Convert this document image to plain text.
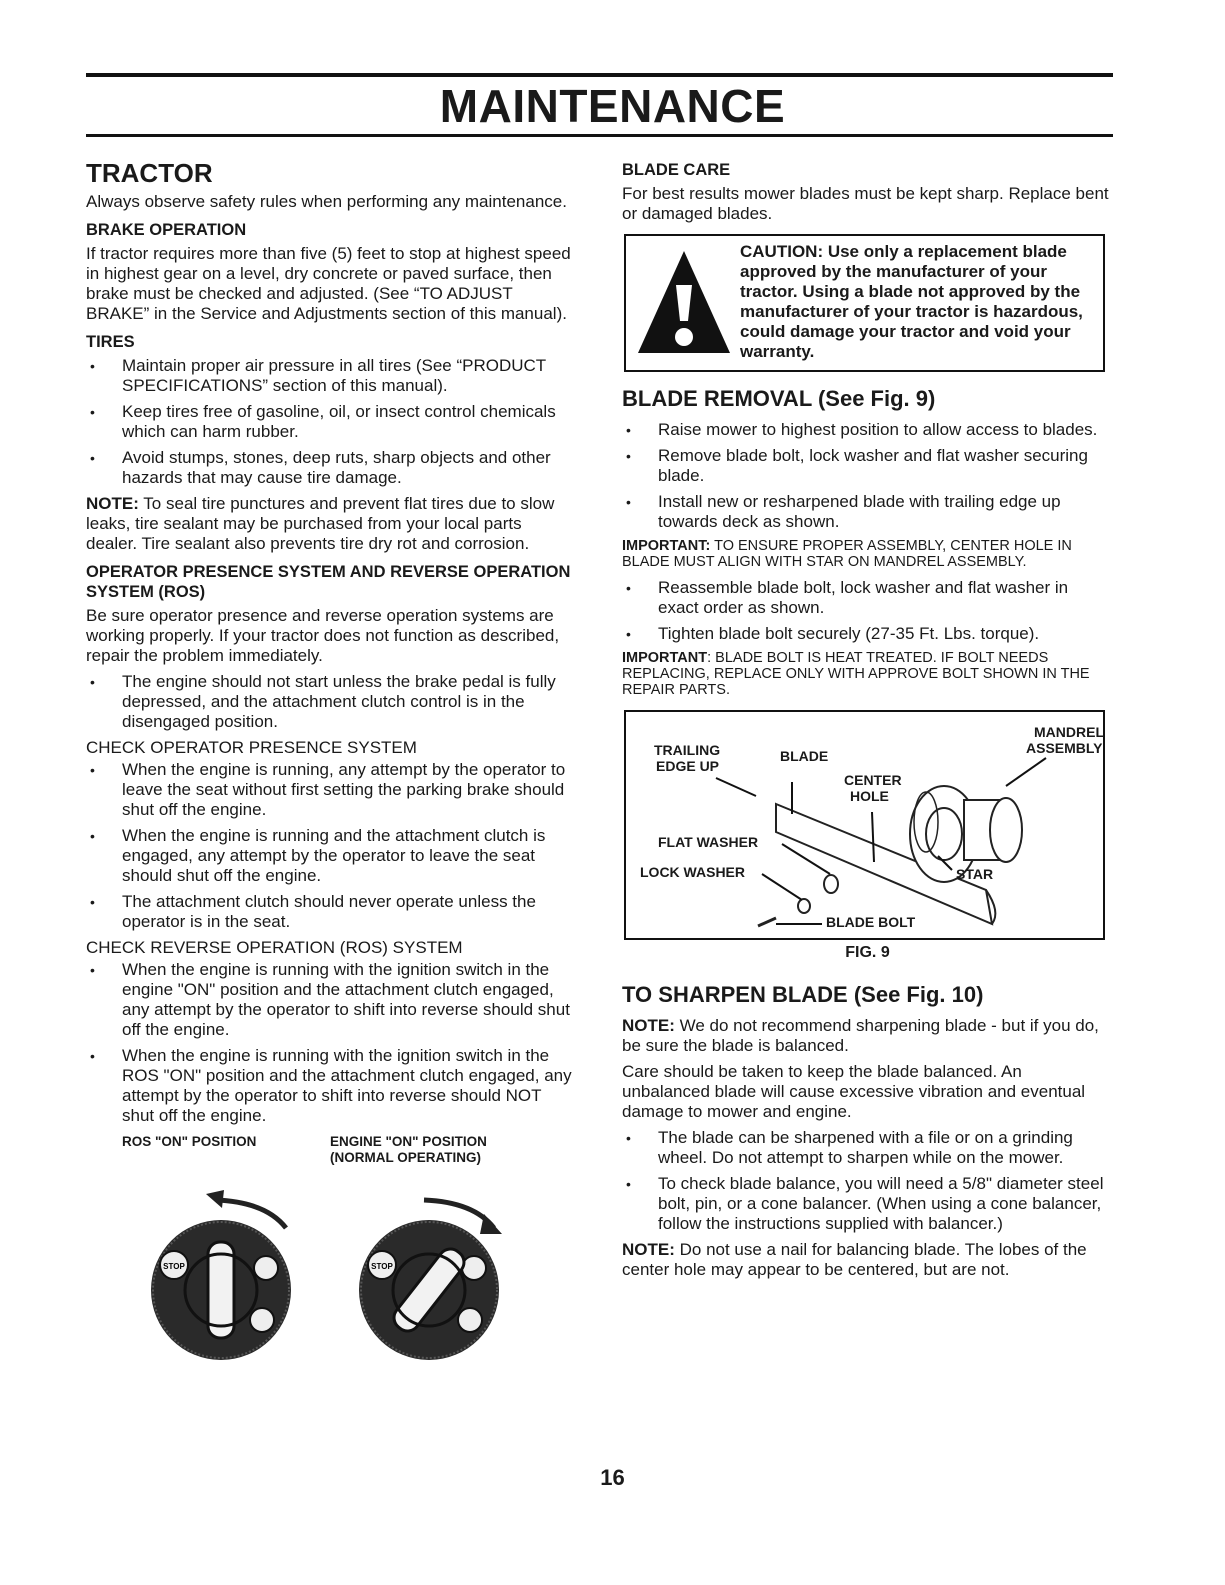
MAINTENANCE
TRACTOR

Always observe safety rules when performing any maintenance.

BRAKE OPERATION

If tractor requires more than five (5) feet to stop at highest speed in highest gear on a level, dry concrete or paved surface, then brake must be checked and adjusted. (See “TO ADJUST BRAKE” in the Service and Adjustments section of this manual).

TIRES
• Maintain proper air pressure in all tires (See “PRODUCT SPECIFICATIONS” section of this manual).
• Keep tires free of gasoline, oil, or insect control chemicals which can harm rubber.
• Avoid stumps, stones, deep ruts, sharp objects and other hazards that may cause tire damage.

NOTE: To seal tire punctures and prevent flat tires due to slow leaks, tire sealant may be purchased from your local parts dealer. Tire sealant also prevents tire dry rot and corrosion.

OPERATOR PRESENCE SYSTEM AND REVERSE OPERATION SYSTEM (ROS)

Be sure operator presence and reverse operation systems are working properly. If your tractor does not function as described, repair the problem immediately.

• The engine should not start unless the brake pedal is fully depressed, and the attachment clutch control is in the disengaged position.
CHECK OPERATOR PRESENCE SYSTEM
• When the engine is running, any attempt by the operator to leave the seat without first setting the parking brake should shut off the engine.
• When the engine is running and the attachment clutch is engaged, any attempt by the operator to leave the seat should shut off the engine.
• The attachment clutch should never operate unless the operator is in the seat.
CHECK REVERSE OPERATION (ROS) SYSTEM
• When the engine is running with the ignition switch in the engine "ON" position and the attachment clutch engaged, any attempt by the operator to shift into reverse should shut off the engine.
• When the engine is running with the ignition switch in the ROS "ON" position and the attachment clutch engaged, any attempt by the operator to shift into reverse should NOT shut off the engine.
ROS "ON" POSITION	ENGINE "ON" POSITION
(NORMAL OPERATING)
STOP	STOP
BLADE CARE

For best results mower blades must be kept sharp. Replace bent or damaged blades.

CAUTION: Use only a replacement blade approved by the manufacturer of your tractor. Using a blade not approved by the manufacturer of your tractor is hazardous, could damage your tractor and void your warranty.
BLADE REMOVAL (See Fig. 9)
• Raise mower to highest position to allow access to blades.
• Remove blade bolt, lock washer and flat washer securing blade.
• Install new or resharpened blade with trailing edge up towards deck as shown.

IMPORTANT: TO ENSURE PROPER ASSEMBLY, CENTER HOLE IN BLADE MUST ALIGN WITH STAR ON MANDREL ASSEMBLY.

• Reassemble blade bolt, lock washer and flat washer in exact order as shown.
• Tighten blade bolt securely (27-35 Ft. Lbs. torque).

IMPORTANT: BLADE BOLT IS HEAT TREATED. IF BOLT NEEDS REPLACING, REPLACE ONLY WITH APPROVE BOLT SHOWN IN THE REPAIR PARTS.

TRAILING
EDGE UP
BLADE
CENTER
HOLE
MANDREL
ASSEMBLY
FLAT WASHER
LOCK WASHER	STAR
BLADE BOLT
FIG. 9
TO SHARPEN BLADE (See Fig. 10)

NOTE: We do not recommend sharpening blade - but if you do, be sure the blade is balanced.

Care should be taken to keep the blade balanced. An unbalanced blade will cause excessive vibration and eventual damage to mower and engine.

• The blade can be sharpened with a file or on a grinding wheel. Do not attempt to sharpen while on the mower.
• To check blade balance, you will need a 5/8" diameter steel bolt, pin, or a cone balancer. (When using a cone balancer, follow the instructions supplied with balancer.)

NOTE: Do not use a nail for balancing blade. The lobes of the center hole may appear to be centered, but are not.

16
